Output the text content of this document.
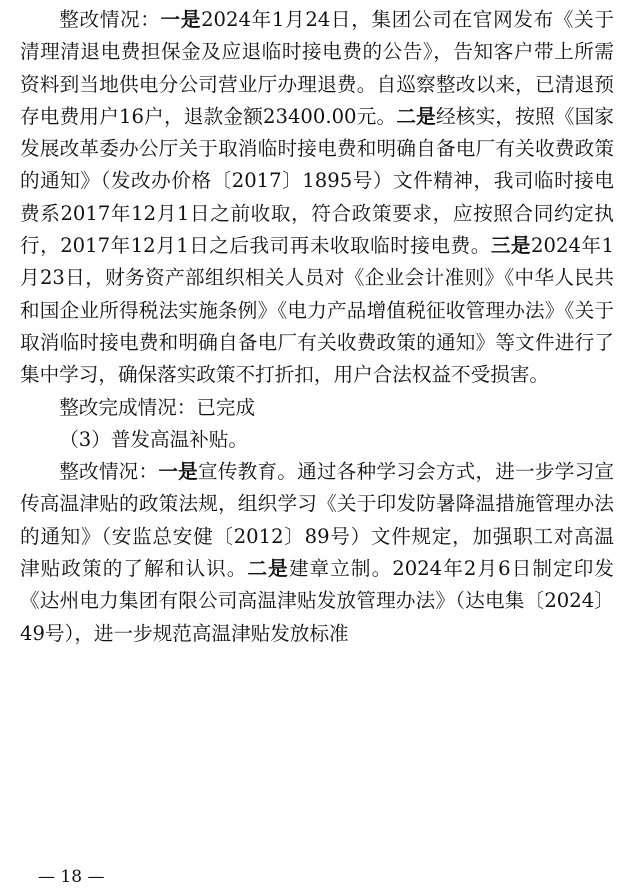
整改情况：一是2024年1月24日，集团公司在官网发布《关于清理清退电费担保金及应退临时接电费的公告》，告知客户带上所需资料到当地供电分公司营业厅办理退费。自巡察整改以来，已清退预存电费用户16户，退款金额23400.00元。二是经核实，按照《国家发展改革委办公厅关于取消临时接电费和明确自备电厂有关收费政策的通知》（发改办价格〔2017〕1895号）文件精神，我司临时接电费系2017年12月1日之前收取，符合政策要求，应按照合同约定执行，2017年12月1日之后我司再未收取临时接电费。三是2024年1月23日，财务资产部组织相关人员对《企业会计准则》《中华人民共和国企业所得税法实施条例》《电力产品增值税征收管理办法》《关于取消临时接电费和明确自备电厂有关收费政策的通知》等文件进行了集中学习，确保落实政策不打折扣，用户合法权益不受损害。

整改完成情况：已完成

（3）普发高温补贴。

整改情况：一是宣传教育。通过各种学习会方式，进一步学习宣传高温津贴的政策法规，组织学习《关于印发防暑降温措施管理办法的通知》（安监总安健〔2012〕89号）文件规定，加强职工对高温津贴政策的了解和认识。二是建章立制。2024年2月6日制定印发《达州电力集团有限公司高温津贴发放管理办法》（达电集〔2024〕49号），进一步规范高温津贴发放标准

— 18 —
